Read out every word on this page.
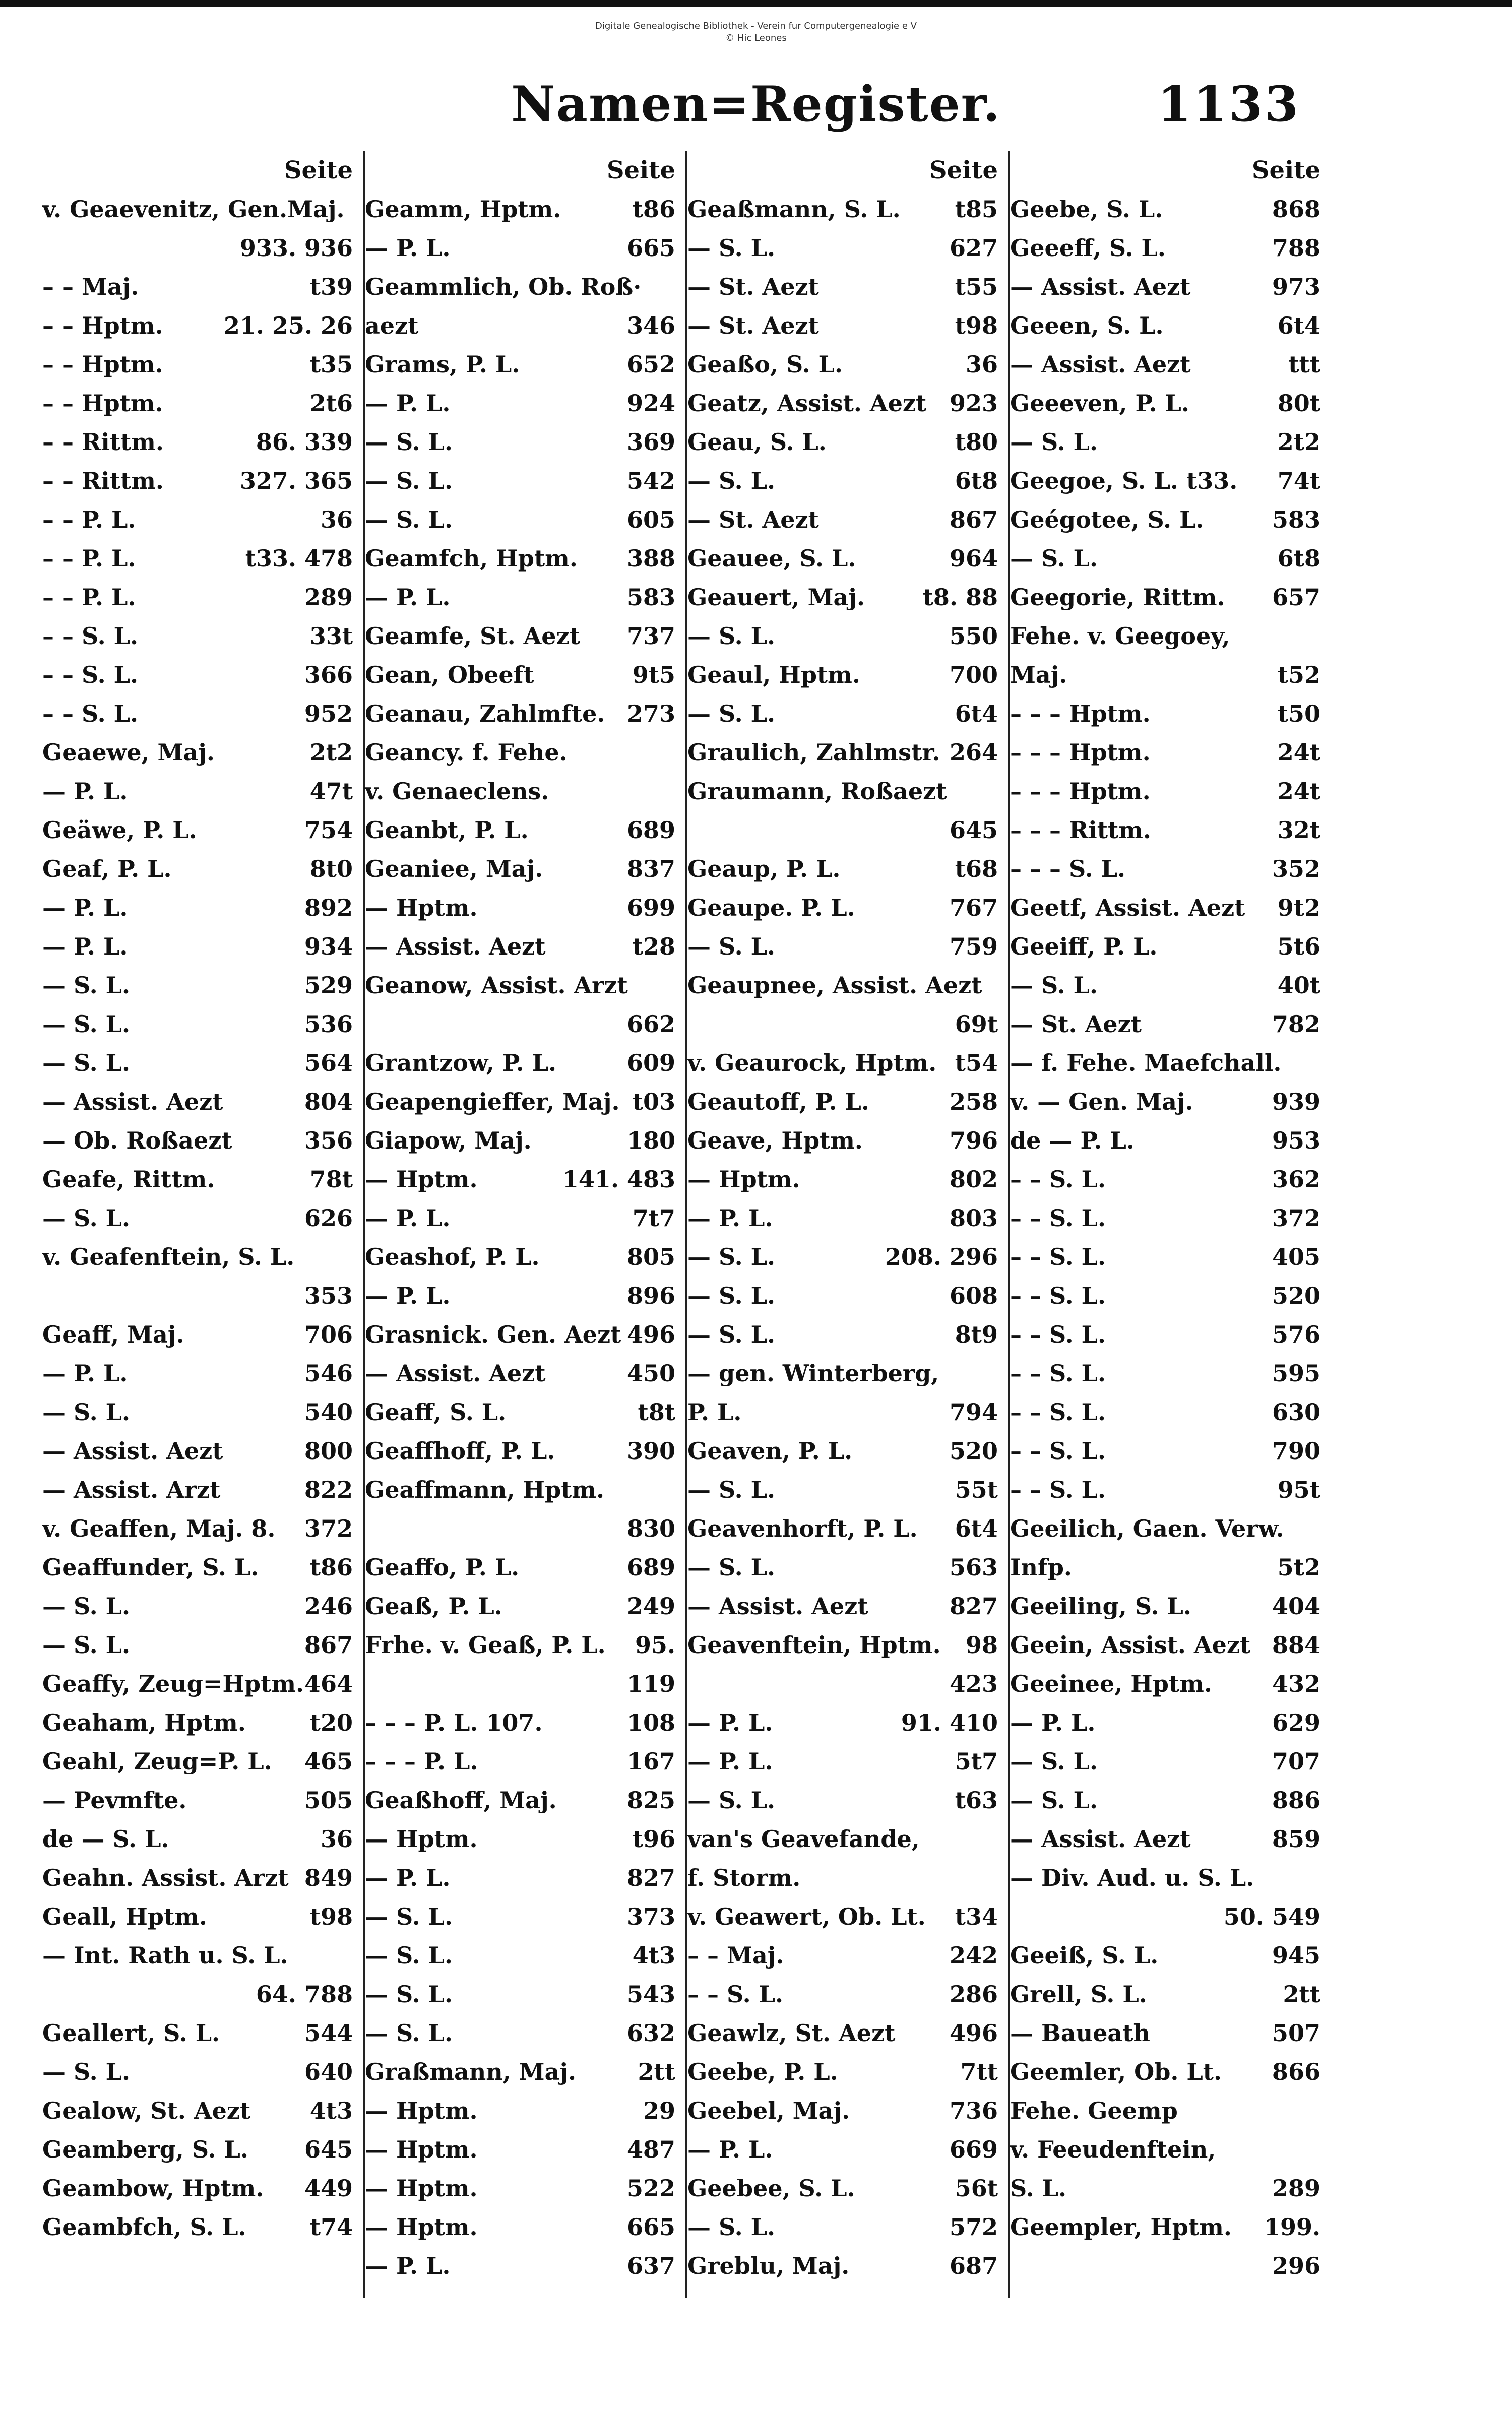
Digitale Genealogische Bibliothek - Verein fur Computergenealogie e V
© Hic Leones
Namen=Register.	1133
Seite
v. Geaevenitz, Gen.Maj.
933. 936
– – Maj.	t39
– – Hptm.	21. 25. 26
– – Hptm.	t35
– – Hptm.	2t6
– – Rittm.	86. 339
– – Rittm.	327. 365
– – P. L.	36
– – P. L.	t33. 478
– – P. L.	289
– – S. L.	33t
– – S. L.	366
– – S. L.	952
Geaewe, Maj.	2t2
— P. L.	47t
Geäwe, P. L.	754
Geaf, P. L.	8t0
— P. L.	892
— P. L.	934
— S. L.	529
— S. L.	536
— S. L.	564
— Assist. Aezt	804
— Ob. Roßaezt	356
Geafe, Rittm.	78t
— S. L.	626
v. Geafenftein, S. L.
353
Geaff, Maj.	706
— P. L.	546
— S. L.	540
— Assist. Aezt	800
— Assist. Arzt	822
v. Geaffen, Maj. 8. 372
Geaffunder, S. L. t86
— S. L.	246
— S. L.	867
Geaffy, Zeug=Hptm. 464
Geaham, Hptm.	t20
Geahl, Zeug=P. L. 465
— Pevmfte.	505
de — S. L.	36
Geahn. Assist. Arzt 849
Geall, Hptm.	t98
— Int. Rath u. S. L.
64. 788
Geallert, S. L.	544
— S. L.	640
Gealow, St. Aezt	4t3
Geamberg, S. L. 645
Geambow, Hptm. 449
Geambfch, S. L.	t74
Seite
Geamm, Hptm.	t86
— P. L.	665
Geammlich, Ob. Roß·
aezt	346
Grams, P. L.	652
— P. L.	924
— S. L.	369
— S. L.	542
— S. L.	605
Geamfch, Hptm. 388
— P. L.	583
Geamfe, St. Aezt 737
Gean, Obeeft	9t5
Geanau, Zahlmfte. 273
Geancy. f. Fehe.
v. Genaeclens.
Geanbt, P. L.	689
Geaniee, Maj.	837
— Hptm.	699
— Assist. Aezt	t28
Geanow, Assist. Arzt
662
Grantzow, P. L.	609
Geapengieffer, Maj. t03
Giapow, Maj.	180
— Hptm.	141. 483
— P. L.	7t7
Geashof, P. L.	805
— P. L.	896
Grasnick. Gen. Aezt 496
— Assist. Aezt	450
Geaff, S. L.	t8t
Geaffhoff, P. L.	390
Geaffmann, Hptm.
830
Geaffo, P. L.	689
Geaß, P. L.	249
Frhe. v. Geaß, P. L. 95.
119
– – – P. L. 107.	108
– – – P. L.	167
Geaßhoff, Maj.	825
— Hptm.	t96
— P. L.	827
— S. L.	373
— S. L.	4t3
— S. L.	543
— S. L.	632
Graßmann, Maj.	2tt
— Hptm.	29
— Hptm.	487
— Hptm.	522
— Hptm.	665
— P. L.	637
Seite
Geaßmann, S. L. t85
— S. L.	627
— St. Aezt	t55
— St. Aezt	t98
Geaßo, S. L.	36
Geatz, Assist. Aezt 923
Geau, S. L.	t80
— S. L.	6t8
— St. Aezt	867
Geauee, S. L.	964
Geauert, Maj. t8. 88
— S. L.	550
Geaul, Hptm.	700
— S. L.	6t4
Graulich, Zahlmstr. 264
Graumann, Roßaezt
645
Geaup, P. L.	t68
Geaupe. P. L.	767
— S. L.	759
Geaupnee, Assist. Aezt
69t
v. Geaurock, Hptm. t54
Geautoff, P. L.	258
Geave, Hptm.	796
— Hptm.	802
— P. L.	803
— S. L.	208. 296
— S. L.	608
— S. L.	8t9
— gen. Winterberg,
P. L.	794
Geaven, P. L.	520
— S. L.	55t
Geavenhorft, P. L. 6t4
— S. L.	563
— Assist. Aezt	827
Geavenftein, Hptm. 98
423
— P. L.	91. 410
— P. L.	5t7
— S. L.	t63
van's Geavefande,
f. Storm.
v. Geawert, Ob. Lt. t34
– – Maj.	242
– – S. L.	286
Geawlz, St. Aezt 496
Geebe, P. L.	7tt
Geebel, Maj.	736
— P. L.	669
Geebee, S. L.	56t
— S. L.	572
Greblu, Maj.	687
Seite
Geebe, S. L.	868
Geeeff, S. L.	788
— Assist. Aezt	973
Geeen, S. L.	6t4
— Assist. Aezt	ttt
Geeeven, P. L.	80t
— S. L.	2t2
Geegoe, S. L. t33. 74t
Geégotee, S. L.	583
— S. L.	6t8
Geegorie, Rittm. 657
Fehe. v. Geegoey,
Maj.	t52
– – – Hptm.	t50
– – – Hptm.	24t
– – – Hptm.	24t
– – – Rittm.	32t
– – – S. L.	352
Geetf, Assist. Aezt 9t2
Geeiff, P. L.	5t6
— S. L.	40t
— St. Aezt	782
— f. Fehe. Maefchall.
v. — Gen. Maj.	939
de — P. L.	953
– – S. L.	362
– – S. L.	372
– – S. L.	405
– – S. L.	520
– – S. L.	576
– – S. L.	595
– – S. L.	630
– – S. L.	790
– – S. L.	95t
Geeilich, Gaen. Verw.
Infp.	5t2
Geeiling, S. L.	404
Geein, Assist. Aezt 884
Geeinee, Hptm.	432
— P. L.	629
— S. L.	707
— S. L.	886
— Assist. Aezt	859
— Div. Aud. u. S. L.
50. 549
Geeiß, S. L.	945
Grell, S. L.	2tt
— Baueath	507
Geemler, Ob. Lt. 866
Fehe. Geemp
v. Feeudenftein,
S. L.	289
Geempler, Hptm. 199.
296
